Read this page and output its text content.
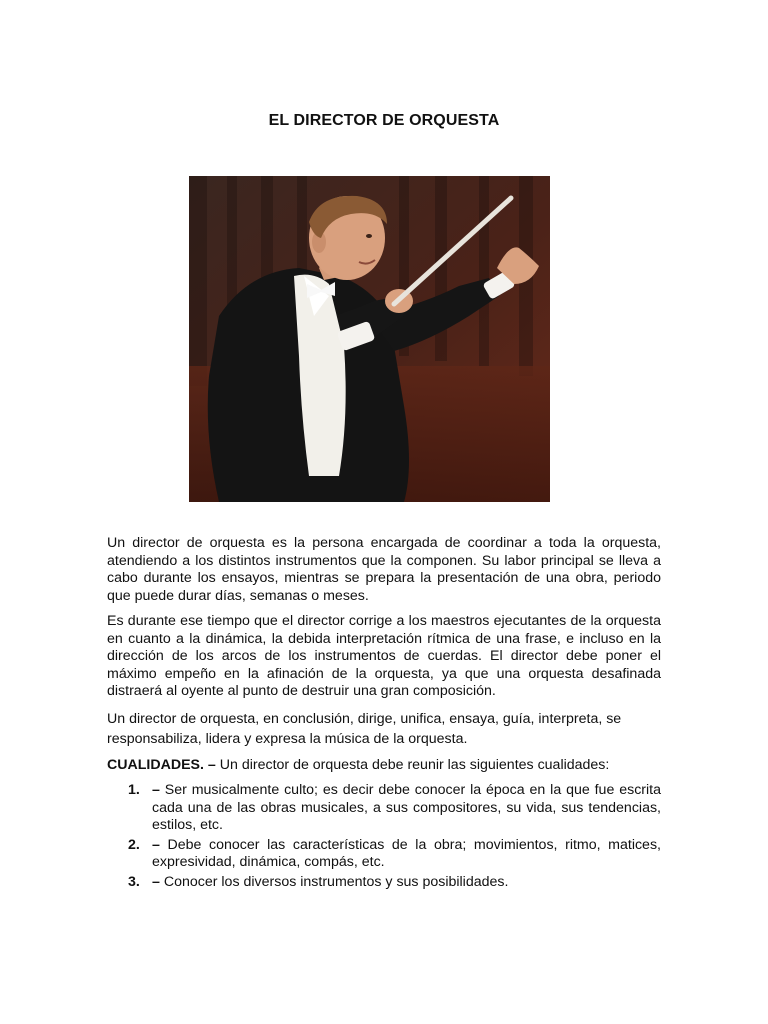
EL DIRECTOR DE ORQUESTA

Un director de orquesta es la persona encargada de coordinar a toda la orquesta, atendiendo a los distintos instrumentos que la componen. Su labor principal se lleva a cabo durante los ensayos, mientras se prepara la presentación de una obra, periodo que puede durar días, semanas o meses.

Es durante ese tiempo que el director corrige a los maestros ejecutantes de la orquesta en cuanto a la dinámica, la debida interpretación rítmica de una frase, e incluso en la dirección de los arcos de los instrumentos de cuerdas. El director debe poner el máximo empeño en la afinación de la orquesta, ya que una orquesta desafinada distraerá al oyente al punto de destruir una gran composición.

Un director de orquesta, en conclusión, dirige, unifica, ensaya, guía, interpreta, se responsabiliza, lidera y expresa la música de la orquesta.

CUALIDADES. – Un director de orquesta debe reunir las siguientes cualidades:

1. – Ser musicalmente culto; es decir debe conocer la época en la que fue escrita cada una de las obras musicales, a sus compositores, su vida, sus tendencias, estilos, etc.
2. – Debe conocer las características de la obra; movimientos, ritmo, matices, expresividad, dinámica, compás, etc.
3. – Conocer los diversos instrumentos y sus posibilidades.
